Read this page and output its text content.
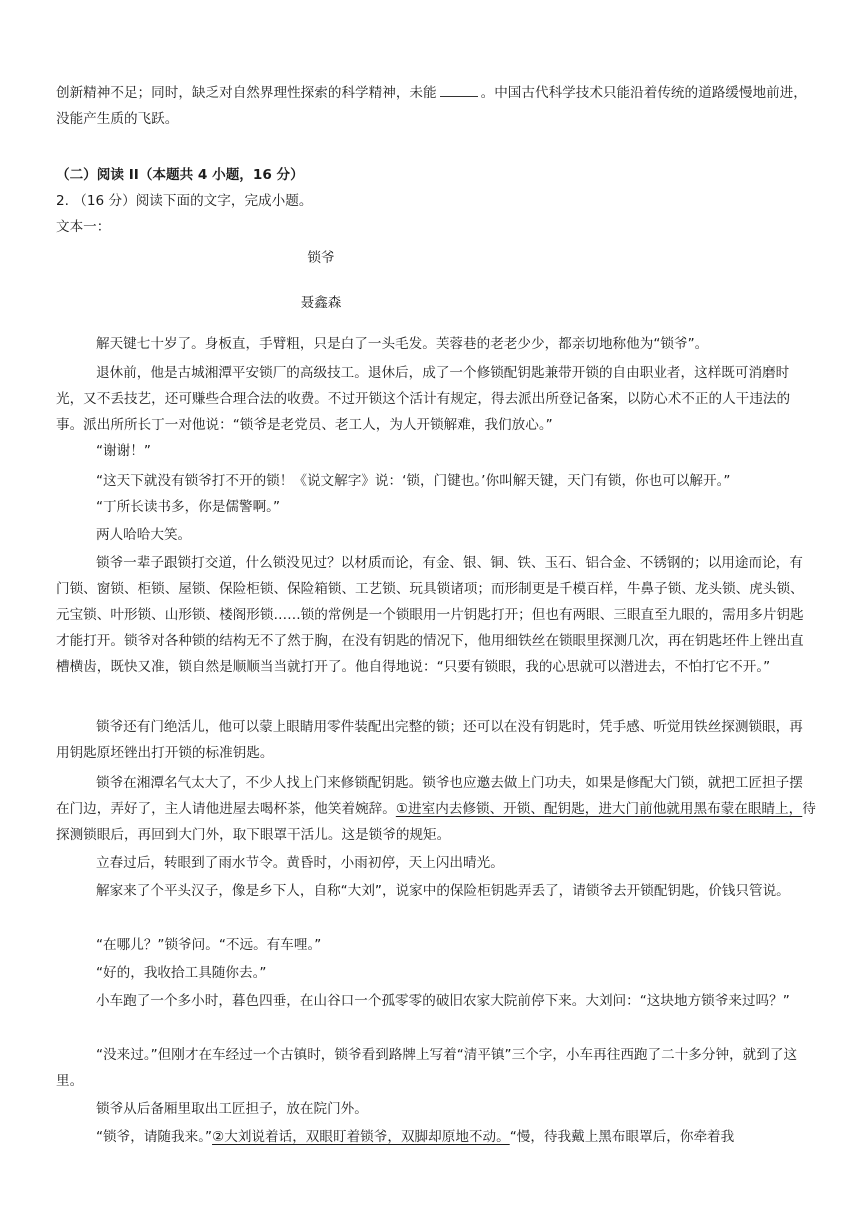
创新精神不足；同时，缺乏对自然界理性探索的科学精神，未能	。中国古代科学技术只能沿着传统的道路缓慢地前进，没能产生质的飞跃。

（二）阅读 II（本题共 4 小题，16 分）

2. （16 分）阅读下面的文字，完成小题。

文本一：

锁爷

聂鑫森

解天键七十岁了。身板直，手臂粗，只是白了一头毛发。芙蓉巷的老老少少，都亲切地称他为“锁爷”。

退休前，他是古城湘潭平安锁厂的高级技工。退休后，成了一个修锁配钥匙兼带开锁的自由职业者，这样既可消磨时光，又不丢技艺，还可赚些合理合法的收费。不过开锁这个活计有规定，得去派出所登记备案，以防心术不正的人干违法的事。派出所所长丁一对他说：“锁爷是老党员、老工人，为人开锁解难，我们放心。”

“谢谢！”

“这天下就没有锁爷打不开的锁！《说文解字》说：‘锁，门键也。’你叫解天键，天门有锁，你也可以解开。”

“丁所长读书多，你是儒警啊。”

两人哈哈大笑。

锁爷一辈子跟锁打交道，什么锁没见过？以材质而论，有金、银、铜、铁、玉石、铝合金、不锈钢的；以用途而论，有门锁、窗锁、柜锁、屋锁、保险柜锁、保险箱锁、工艺锁、玩具锁诸项；而形制更是千模百样，牛鼻子锁、龙头锁、虎头锁、元宝锁、叶形锁、山形锁、楼阁形锁……锁的常例是一个锁眼用一片钥匙打开；但也有两眼、三眼直至九眼的，需用多片钥匙才能打开。锁爷对各种锁的结构无不了然于胸，在没有钥匙的情况下，他用细铁丝在锁眼里探测几次，再在钥匙坯件上锉出直槽横齿，既快又准，锁自然是顺顺当当就打开了。他自得地说：“只要有锁眼，我的心思就可以潜进去，不怕打它不开。”

锁爷还有门绝活儿，他可以蒙上眼睛用零件装配出完整的锁；还可以在没有钥匙时，凭手感、听觉用铁丝探测锁眼，再用钥匙原坯锉出打开锁的标准钥匙。

锁爷在湘潭名气太大了，不少人找上门来修锁配钥匙。锁爷也应邀去做上门功夫，如果是修配大门锁，就把工匠担子摆在门边，弄好了，主人请他进屋去喝杯茶，他笑着婉辞。①进室内去修锁、开锁、配钥匙，进大门前他就用黑布蒙在眼睛上，待探测锁眼后，再回到大门外，取下眼罩干活儿。这是锁爷的规矩。

立春过后，转眼到了雨水节令。黄昏时，小雨初停，天上闪出晴光。

解家来了个平头汉子，像是乡下人，自称“大刘”，说家中的保险柜钥匙弄丢了，请锁爷去开锁配钥匙，价钱只管说。

“在哪儿？”锁爷问。“不远。有车哩。”

“好的，我收拾工具随你去。”

小车跑了一个多小时，暮色四垂，在山谷口一个孤零零的破旧农家大院前停下来。大刘问：“这块地方锁爷来过吗？”

“没来过。”但刚才在车经过一个古镇时，锁爷看到路牌上写着“清平镇”三个字，小车再往西跑了二十多分钟，就到了这里。

锁爷从后备厢里取出工匠担子，放在院门外。

“锁爷，请随我来。”②大刘说着话，双眼盯着锁爷，双脚却原地不动。“慢，待我戴上黑布眼罩后，你牵着我
